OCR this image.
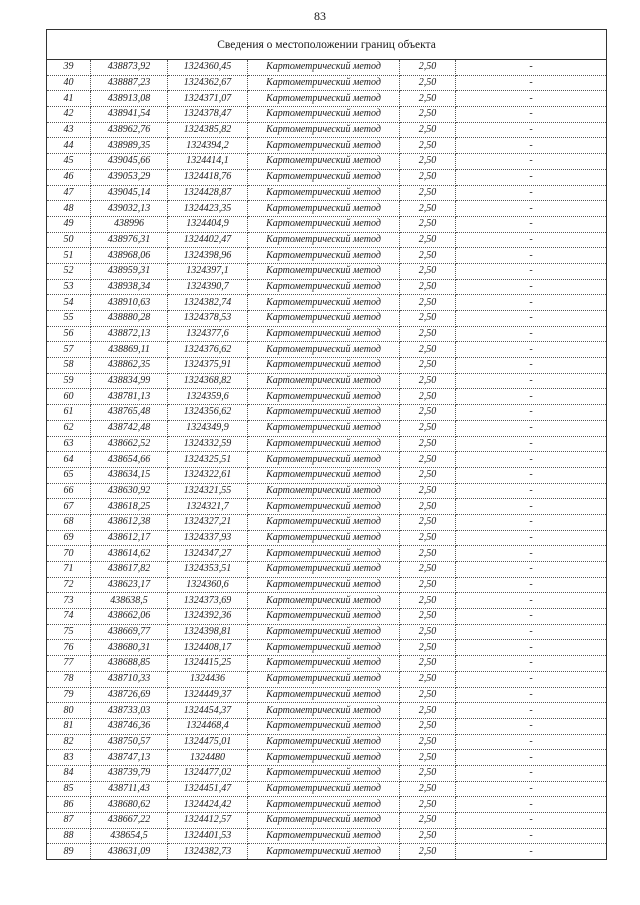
83
Сведения о местоположении границ объекта					
39	438873,92	1324360,45	Картометрический метод	2,50	-
40	438887,23	1324362,67	Картометрический метод	2,50	-
41	438913,08	1324371,07	Картометрический метод	2,50	-
42	438941,54	1324378,47	Картометрический метод	2,50	-
43	438962,76	1324385,82	Картометрический метод	2,50	-
44	438989,35	1324394,2	Картометрический метод	2,50	-
45	439045,66	1324414,1	Картометрический метод	2,50	-
46	439053,29	1324418,76	Картометрический метод	2,50	-
47	439045,14	1324428,87	Картометрический метод	2,50	-
48	439032,13	1324423,35	Картометрический метод	2,50	-
49	438996	1324404,9	Картометрический метод	2,50	-
50	438976,31	1324402,47	Картометрический метод	2,50	-
51	438968,06	1324398,96	Картометрический метод	2,50	-
52	438959,31	1324397,1	Картометрический метод	2,50	-
53	438938,34	1324390,7	Картометрический метод	2,50	-
54	438910,63	1324382,74	Картометрический метод	2,50	-
55	438880,28	1324378,53	Картометрический метод	2,50	-
56	438872,13	1324377,6	Картометрический метод	2,50	-
57	438869,11	1324376,62	Картометрический метод	2,50	-
58	438862,35	1324375,91	Картометрический метод	2,50	-
59	438834,99	1324368,82	Картометрический метод	2,50	-
60	438781,13	1324359,6	Картометрический метод	2,50	-
61	438765,48	1324356,62	Картометрический метод	2,50	-
62	438742,48	1324349,9	Картометрический метод	2,50	-
63	438662,52	1324332,59	Картометрический метод	2,50	-
64	438654,66	1324325,51	Картометрический метод	2,50	-
65	438634,15	1324322,61	Картометрический метод	2,50	-
66	438630,92	1324321,55	Картометрический метод	2,50	-
67	438618,25	1324321,7	Картометрический метод	2,50	-
68	438612,38	1324327,21	Картометрический метод	2,50	-
69	438612,17	1324337,93	Картометрический метод	2,50	-
70	438614,62	1324347,27	Картометрический метод	2,50	-
71	438617,82	1324353,51	Картометрический метод	2,50	-
72	438623,17	1324360,6	Картометрический метод	2,50	-
73	438638,5	1324373,69	Картометрический метод	2,50	-
74	438662,06	1324392,36	Картометрический метод	2,50	-
75	438669,77	1324398,81	Картометрический метод	2,50	-
76	438680,31	1324408,17	Картометрический метод	2,50	-
77	438688,85	1324415,25	Картометрический метод	2,50	-
78	438710,33	1324436	Картометрический метод	2,50	-
79	438726,69	1324449,37	Картометрический метод	2,50	-
80	438733,03	1324454,37	Картометрический метод	2,50	-
81	438746,36	1324468,4	Картометрический метод	2,50	-
82	438750,57	1324475,01	Картометрический метод	2,50	-
83	438747,13	1324480	Картометрический метод	2,50	-
84	438739,79	1324477,02	Картометрический метод	2,50	-
85	438711,43	1324451,47	Картометрический метод	2,50	-
86	438680,62	1324424,42	Картометрический метод	2,50	-
87	438667,22	1324412,57	Картометрический метод	2,50	-
88	438654,5	1324401,53	Картометрический метод	2,50	-
89	438631,09	1324382,73	Картометрический метод	2,50	-
